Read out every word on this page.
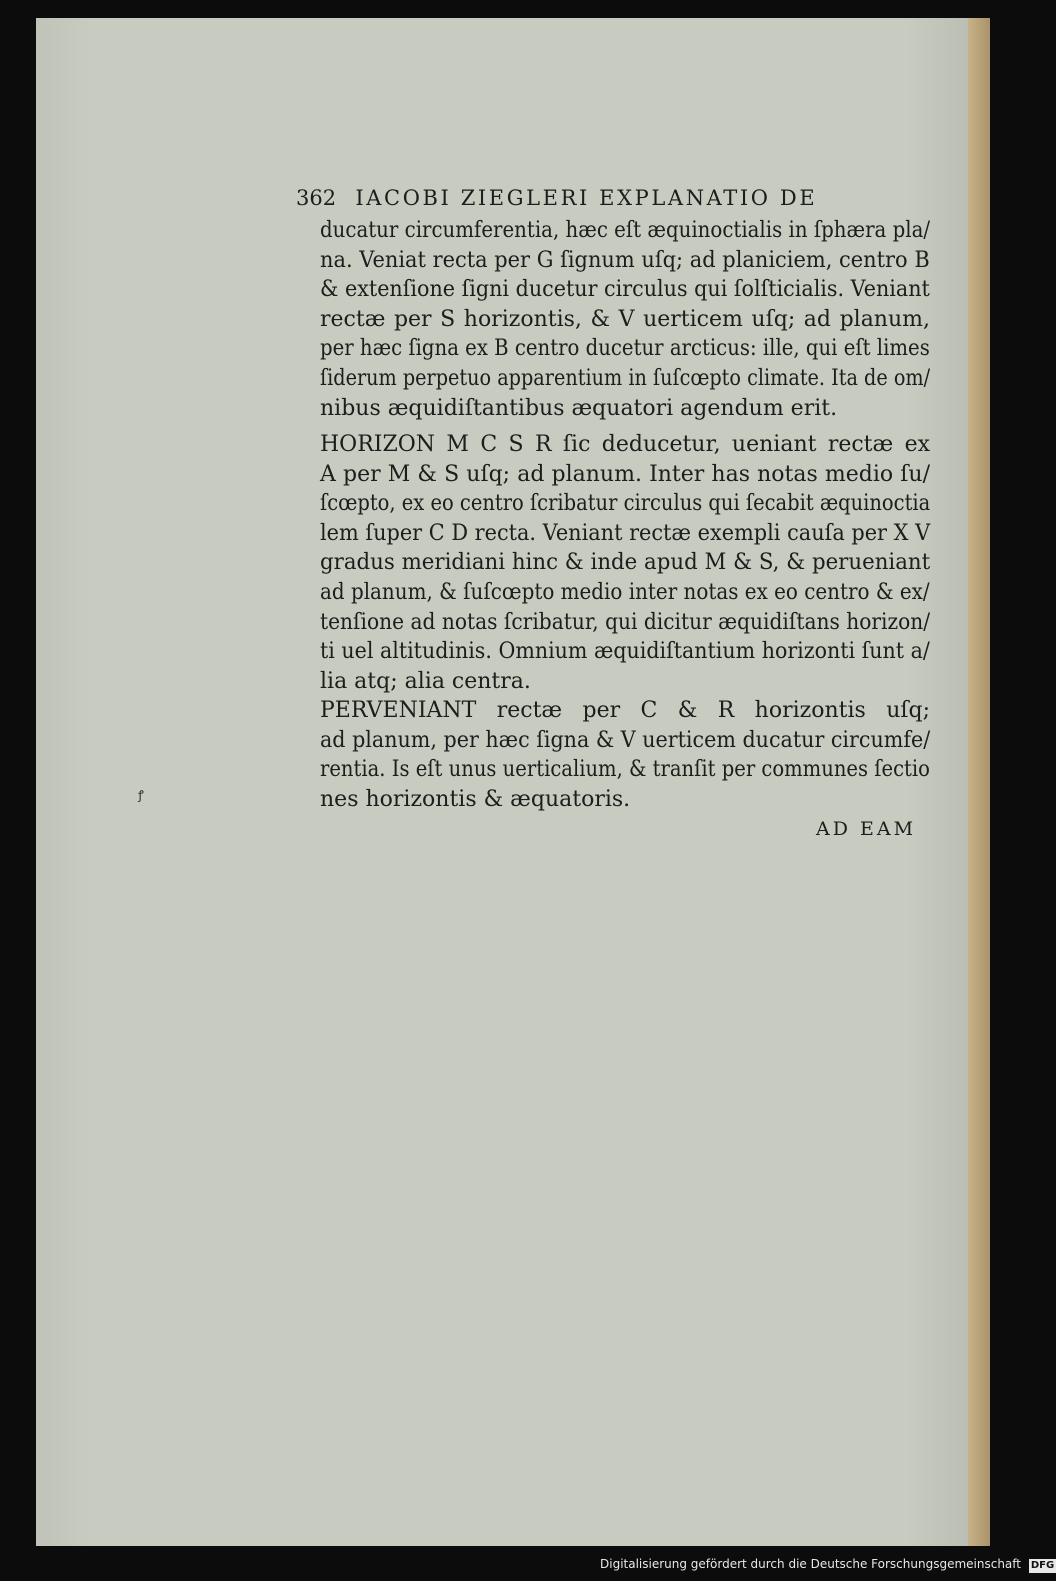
362 IACOBI ZIEGLERI EXPLANATIO DE
ducatur circumferentia, hæc eſt æquinoctialis in ſphæra pla/
na. Veniat recta per G ſignum uſq; ad planiciem, centro B
& extenſione ſigni ducetur circulus qui ſolſticialis. Veniant
rectæ per S horizontis, & V uerticem uſq; ad planum,
per hæc ſigna ex B centro ducetur arcticus: ille, qui eſt limes
ſiderum perpetuo apparentium in ſuſcœpto climate. Ita de om/
nibus æquidiſtantibus æquatori agendum erit.
HORIZON M C S R ſic deducetur, ueniant rectæ ex
A per M & S uſq; ad planum. Inter has notas medio ſu/
ſcœpto, ex eo centro ſcribatur circulus qui ſecabit æquinoctia
lem ſuper C D recta. Veniant rectæ exempli cauſa per X V
gradus meridiani hinc & inde apud M & S, & perueniant
ad planum, & ſuſcœpto medio inter notas ex eo centro & ex/
tenſione ad notas ſcribatur, qui dicitur æquidiſtans horizon/
ti uel altitudinis. Omnium æquidiſtantium horizonti ſunt a/
lia atq; alia centra.
PERVENIANT rectæ per C & R horizontis uſq;
ad planum, per hæc ſigna & V uerticem ducatur circumfe/
rentia. Is eſt unus uerticalium, & tranſit per communes ſectio
nes horizontis & æquatoris.
AD EAM
ꝭ
Digitalisierung gefördert durch die Deutsche Forschungsgemeinschaft DFG
